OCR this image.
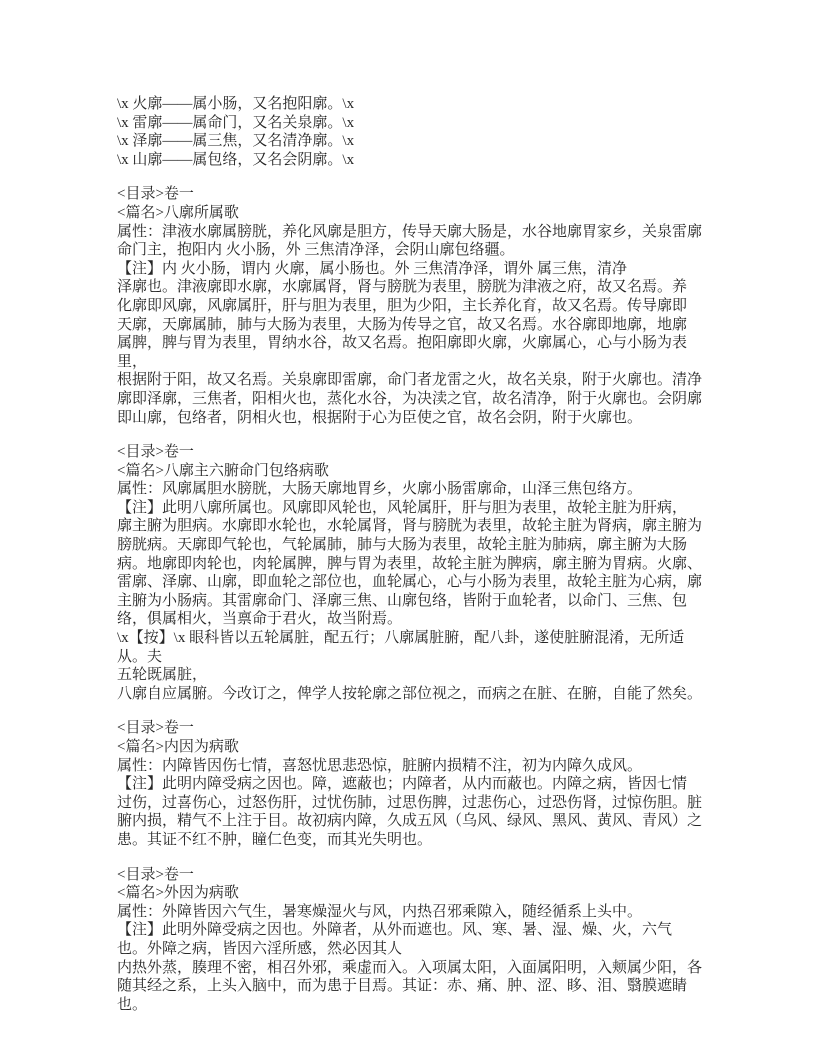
\x 火廓——属小肠，又名抱阳廓。\x
\x 雷廓——属命门，又名关泉廓。\x
\x 泽廓——属三焦，又名清净廓。\x
\x 山廓——属包络，又名会阴廓。\x
<目录>卷一
<篇名>八廓所属歌
属性：津液水廓属膀胱，养化风廓是胆方，传导天廓大肠是，水谷地廓胃家乡，关泉雷廓
命门主，抱阳内 火小肠，外 三焦清净泽，会阴山廓包络疆。
【注】内 火小肠，谓内 火廓，属小肠也。外 三焦清净泽，谓外 属三焦，清净
泽廓也。津液廓即水廓，水廓属肾，肾与膀胱为表里，膀胱为津液之府，故又名焉。养
化廓即风廓，风廓属肝，肝与胆为表里，胆为少阳，主长养化育，故又名焉。传导廓即
天廓，天廓属肺，肺与大肠为表里，大肠为传导之官，故又名焉。水谷廓即地廓，地廓
属脾，脾与胃为表里，胃纳水谷，故又名焉。抱阳廓即火廓，火廓属心，心与小肠为表里，
根据附于阳，故又名焉。关泉廓即雷廓，命门者龙雷之火，故名关泉，附于火廓也。清净
廓即泽廓，三焦者，阳相火也，蒸化水谷，为决渎之官，故名清净，附于火廓也。会阴廓
即山廓，包络者，阴相火也，根据附于心为臣使之官，故名会阴，附于火廓也。
<目录>卷一
<篇名>八廓主六腑命门包络病歌
属性：风廓属胆水膀胱，大肠天廓地胃乡，火廓小肠雷廓命，山泽三焦包络方。
【注】此明八廓所属也。风廓即风轮也，风轮属肝，肝与胆为表里，故轮主脏为肝病，
廓主腑为胆病。水廓即水轮也，水轮属肾，肾与膀胱为表里，故轮主脏为肾病，廓主腑为
膀胱病。天廓即气轮也，气轮属肺，肺与大肠为表里，故轮主脏为肺病，廓主腑为大肠
病。地廓即肉轮也，肉轮属脾，脾与胃为表里，故轮主脏为脾病，廓主腑为胃病。火廓、
雷廓、泽廓、山廓，即血轮之部位也，血轮属心，心与小肠为表里，故轮主脏为心病，廓
主腑为小肠病。其雷廓命门、泽廓三焦、山廓包络，皆附于血轮者，以命门、三焦、包
络，俱属相火，当禀命于君火，故当附焉。
\x【按】\x 眼科皆以五轮属脏，配五行；八廓属脏腑，配八卦，遂使脏腑混淆，无所适从。夫
五轮既属脏，
八廓自应属腑。今改订之，俾学人按轮廓之部位视之，而病之在脏、在腑，自能了然矣。
<目录>卷一
<篇名>内因为病歌
属性：内障皆因伤七情，喜怒忧思悲恐惊，脏腑内损精不注，初为内障久成风。
【注】此明内障受病之因也。障，遮蔽也；内障者，从内而蔽也。内障之病，皆因七情
过伤，过喜伤心，过怒伤肝，过忧伤肺，过思伤脾，过悲伤心，过恐伤肾，过惊伤胆。脏
腑内损，精气不上注于目。故初病内障，久成五风（乌风、绿风、黑风、黄风、青风）之
患。其证不红不肿，瞳仁色变，而其光失明也。
<目录>卷一
<篇名>外因为病歌
属性：外障皆因六气生，暑寒燥湿火与风，内热召邪乘隙入，随经循系上头中。
【注】此明外障受病之因也。外障者，从外而遮也。风、寒、暑、湿、燥、火，六气
也。外障之病，皆因六淫所感，然必因其人
内热外蒸，腠理不密，相召外邪，乘虚而入。入项属太阳，入面属阳明，入颊属少阳，各
随其经之系，上头入脑中，而为患于目焉。其证：赤、痛、肿、涩、眵、泪、翳膜遮睛也。
